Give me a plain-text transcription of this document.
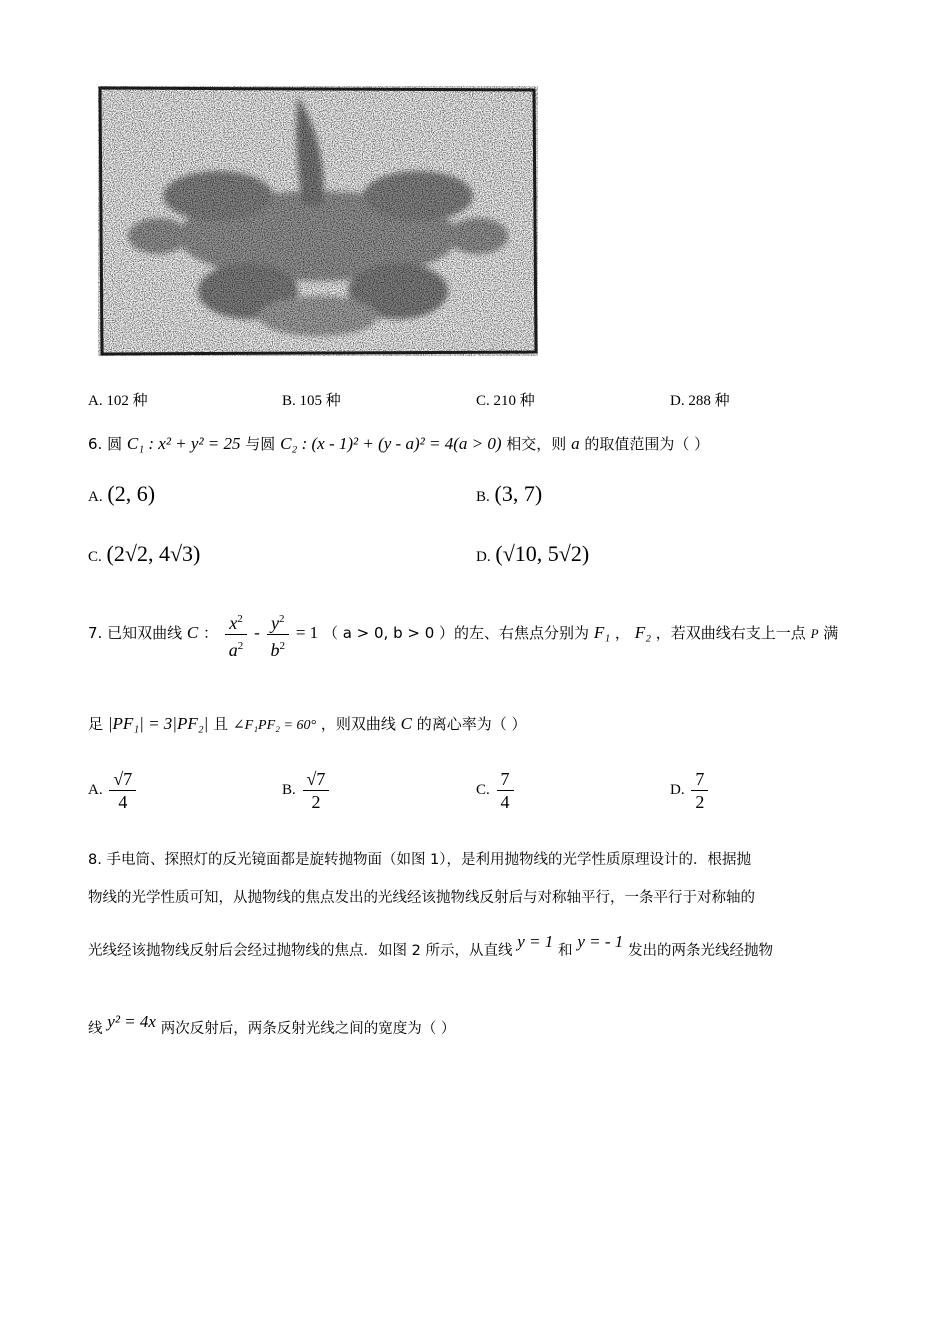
A. 102 种	B. 105 种	C. 210 种	D. 288 种
6. 圆 C₁ : x² + y² = 25 与圆 C₂ : (x - 1)² + (y - a)² = 4(a > 0) 相交，则 a 的取值范围为（ ）
A. (2, 6)	B. (3, 7)
C. (2√2, 4√3)	D. (√10, 5√2)
7. 已知双曲线 C ： $\frac{x^2}{a^2} - \frac{y^2}{b^2} = 1$ （ a > 0, b > 0 ）的左、右焦点分别为 F₁ ， F₂ ，若双曲线右支上一点 P 满
足 |PF₁| = 3|PF₂| 且 ∠F₁PF₂ = 60° ，则双曲线 C 的离心率为（ ）
A. $\frac{√7}{4}$	B. $\frac{√7}{2}$	C. $\frac{7}{4}$	D. $\frac{7}{2}$
8. 手电筒、探照灯的反光镜面都是旋转抛物面（如图 1），是利用抛物线的光学性质原理设计的．根据抛
物线的光学性质可知，从抛物线的焦点发出的光线经该抛物线反射后与对称轴平行，一条平行于对称轴的
光线经该抛物线反射后会经过抛物线的焦点．如图 2 所示，从直线 y = 1 和 y = - 1 发出的两条光线经抛物
线 y² = 4x 两次反射后，两条反射光线之间的宽度为（ ）
